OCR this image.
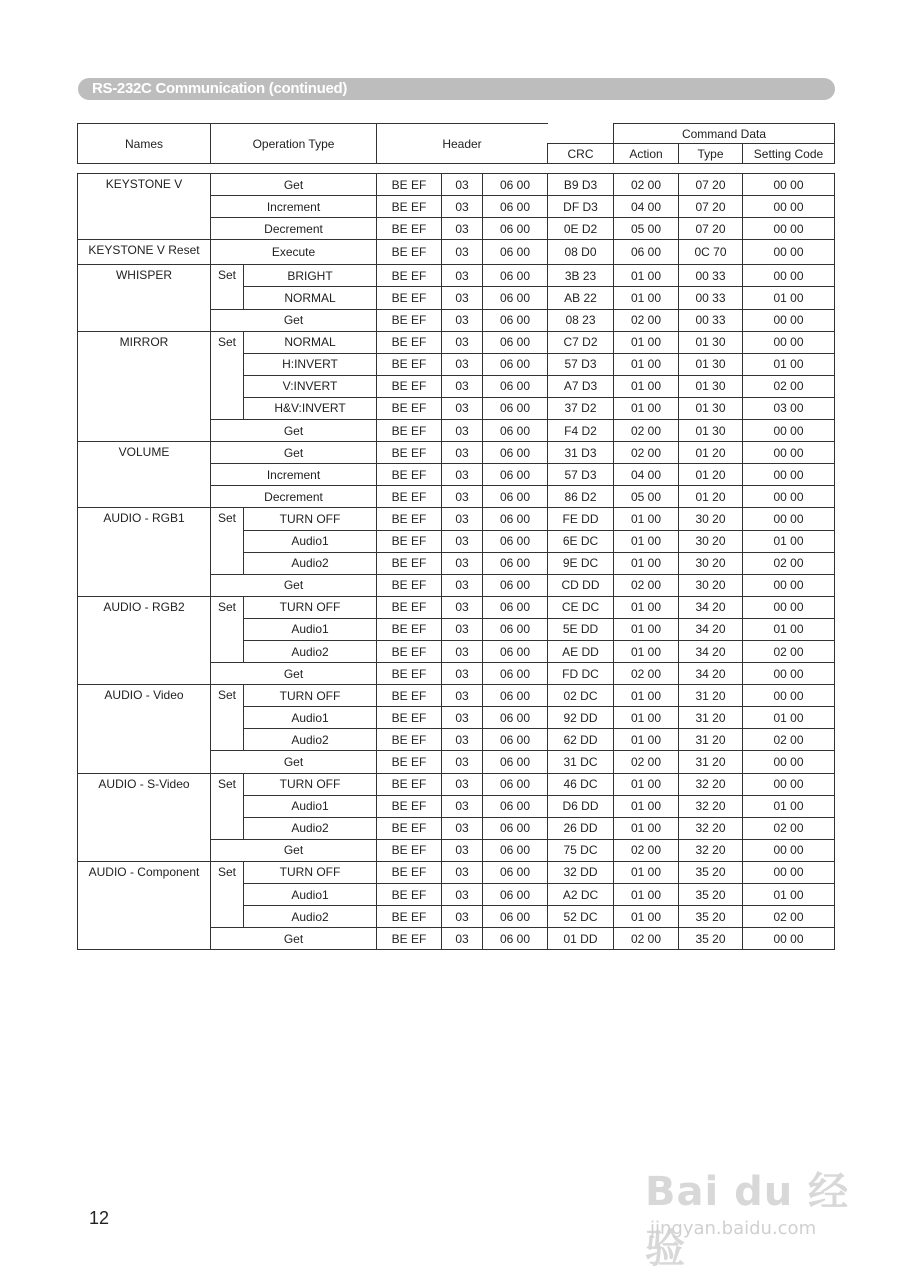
RS-232C Communication (continued)
Names	Operation Type	Header		Command Data		
			CRC	Action	Type	Setting Code
KEYSTONE V	Get		BE EF	03	06 00	B9 D3	02 00	07 20	00 00
	Increment		BE EF	03	06 00	DF D3	04 00	07 20	00 00
	Decrement		BE EF	03	06 00	0E D2	05 00	07 20	00 00
KEYSTONE V Reset	Execute		BE EF	03	06 00	08 D0	06 00	0C 70	00 00
WHISPER	Set	BRIGHT	BE EF	03	06 00	3B 23	01 00	00 33	00 00
		NORMAL	BE EF	03	06 00	AB 22	01 00	00 33	01 00
	Get		BE EF	03	06 00	08 23	02 00	00 33	00 00
MIRROR	Set	NORMAL	BE EF	03	06 00	C7 D2	01 00	01 30	00 00
		H:INVERT	BE EF	03	06 00	57 D3	01 00	01 30	01 00
		V:INVERT	BE EF	03	06 00	A7 D3	01 00	01 30	02 00
		H&V:INVERT	BE EF	03	06 00	37 D2	01 00	01 30	03 00
	Get		BE EF	03	06 00	F4 D2	02 00	01 30	00 00
VOLUME	Get		BE EF	03	06 00	31 D3	02 00	01 20	00 00
	Increment		BE EF	03	06 00	57 D3	04 00	01 20	00 00
	Decrement		BE EF	03	06 00	86 D2	05 00	01 20	00 00
AUDIO - RGB1	Set	TURN OFF	BE EF	03	06 00	FE DD	01 00	30 20	00 00
		Audio1	BE EF	03	06 00	6E DC	01 00	30 20	01 00
		Audio2	BE EF	03	06 00	9E DC	01 00	30 20	02 00
	Get		BE EF	03	06 00	CD DD	02 00	30 20	00 00
AUDIO - RGB2	Set	TURN OFF	BE EF	03	06 00	CE DC	01 00	34 20	00 00
		Audio1	BE EF	03	06 00	5E DD	01 00	34 20	01 00
		Audio2	BE EF	03	06 00	AE DD	01 00	34 20	02 00
	Get		BE EF	03	06 00	FD DC	02 00	34 20	00 00
AUDIO - Video	Set	TURN OFF	BE EF	03	06 00	02 DC	01 00	31 20	00 00
		Audio1	BE EF	03	06 00	92 DD	01 00	31 20	01 00
		Audio2	BE EF	03	06 00	62 DD	01 00	31 20	02 00
	Get		BE EF	03	06 00	31 DC	02 00	31 20	00 00
AUDIO - S-Video	Set	TURN OFF	BE EF	03	06 00	46 DC	01 00	32 20	00 00
		Audio1	BE EF	03	06 00	D6 DD	01 00	32 20	01 00
		Audio2	BE EF	03	06 00	26 DD	01 00	32 20	02 00
	Get		BE EF	03	06 00	75 DC	02 00	32 20	00 00
AUDIO - Component	Set	TURN OFF	BE EF	03	06 00	32 DD	01 00	35 20	00 00
		Audio1	BE EF	03	06 00	A2 DC	01 00	35 20	01 00
		Audio2	BE EF	03	06 00	52 DC	01 00	35 20	02 00
	Get		BE EF	03	06 00	01 DD	02 00	35 20	00 00
12
Bai du 经验
jingyan.baidu.com
